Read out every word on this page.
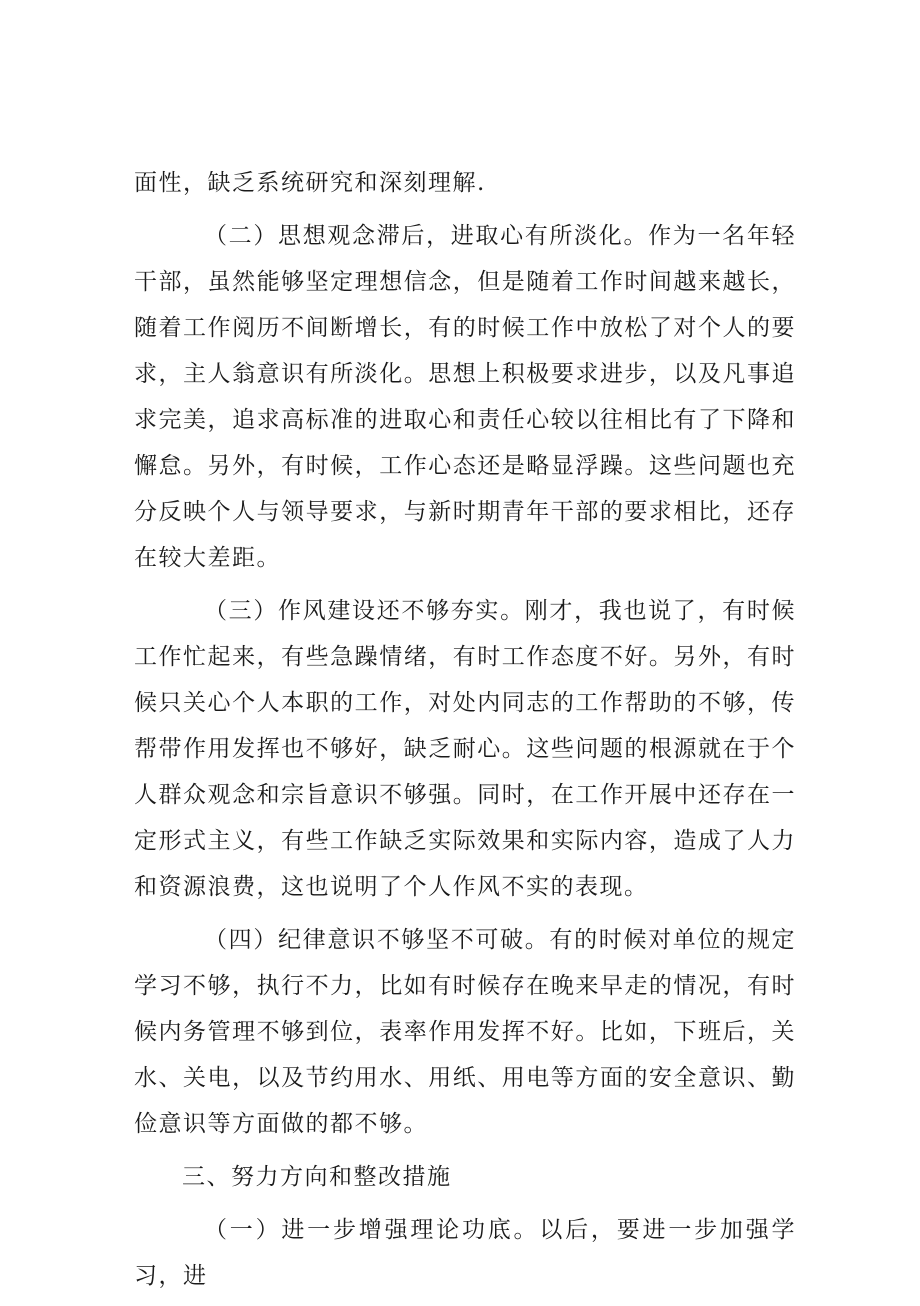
面性，缺乏系统研究和深刻理解.

（二）思想观念滞后，进取心有所淡化。作为一名年轻干部，虽然能够坚定理想信念，但是随着工作时间越来越长，随着工作阅历不间断增长，有的时候工作中放松了对个人的要求，主人翁意识有所淡化。思想上积极要求进步，以及凡事追求完美，追求高标准的进取心和责任心较以往相比有了下降和懈怠。另外，有时候，工作心态还是略显浮躁。这些问题也充分反映个人与领导要求，与新时期青年干部的要求相比，还存在较大差距。

（三）作风建设还不够夯实。刚才，我也说了，有时候工作忙起来，有些急躁情绪，有时工作态度不好。另外，有时候只关心个人本职的工作，对处内同志的工作帮助的不够，传帮带作用发挥也不够好，缺乏耐心。这些问题的根源就在于个人群众观念和宗旨意识不够强。同时，在工作开展中还存在一定形式主义，有些工作缺乏实际效果和实际内容，造成了人力和资源浪费，这也说明了个人作风不实的表现。

（四）纪律意识不够坚不可破。有的时候对单位的规定学习不够，执行不力，比如有时候存在晚来早走的情况，有时候内务管理不够到位，表率作用发挥不好。比如，下班后，关水、关电，以及节约用水、用纸、用电等方面的安全意识、勤俭意识等方面做的都不够。

三、努力方向和整改措施

（一）进一步增强理论功底。以后，要进一步加强学习，进
